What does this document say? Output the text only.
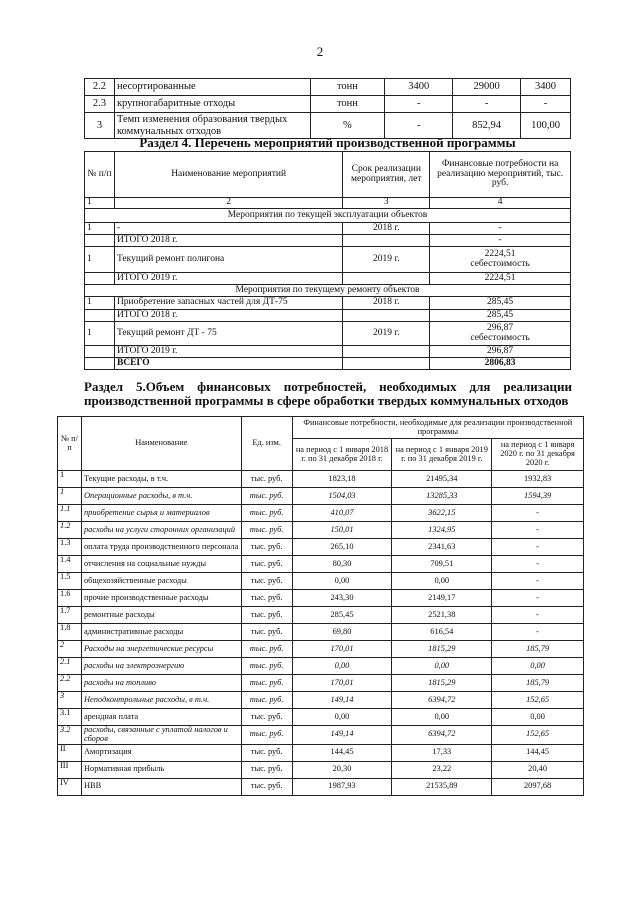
2
2.2	несортированные	тонн	3400	29000	3400
2.3	крупногабаритные отходы	тонн	-	-	-
3	Темп изменения образования твердых коммунальных отходов	%	-	852,94	100,00
Раздел 4. Перечень мероприятий производственной программы
№ п/п	Наименование мероприятий	Срок реализации мероприятия, лет	Финансовые потребности на реализацию мероприятий, тыс. руб.
1	2	3	4
Мероприятия по текущей эксплуатации объектов			
1	-	2018 г.	-
	ИТОГО 2018 г.		-
1	Текущий ремонт полигона	2019 г.	2224,51
себестоимость
	ИТОГО 2019 г.		2224,51
Мероприятия по текущему ремонту объектов			
1	Приобретение запасных частей для ДТ-75	2018 г.	285,45
	ИТОГО 2018 г.		285,45
1	Текущий ремонт ДТ - 75	2019 г.	296,87
себестоимость
	ИТОГО 2019 г.		296,87
	ВСЕГО		2806,83
Раздел 5.Объем финансовых потребностей, необходимых для реализации
производственной программы в сфере обработки твердых коммунальных отходов
№ п/п	Наименование	Ед. изм.	Финансовые потребности, необходимые для реализации производственной программы		
			на период с 1 января 2018 г. по 31 декабря 2018 г.	на период с 1 января 2019 г. по 31 декабря 2019 г.	на период с 1 января 2020 г. по 31 декабря 2020 г.
1	Текущие расходы, в т.ч.	тыс. руб.	1823,18	21495,34	1932,83
1	Операционные расходы, в т.ч.	тыс. руб.	1504,03	13285,33	1594,39
1.1	приобретение сырья и материалов	тыс. руб.	410,07	3622,15	-
1.2	расходы на услуги сторонних организаций	тыс. руб.	150,01	1324,95	-
1.3	оплата труда производственного персонала	тыс. руб.	265,10	2341,63	-
1.4	отчисления на социальные нужды	тыс. руб.	80,30	709,51	-
1.5	общехозяйственные расходы	тыс. руб.	0,00	0,00	-
1.6	прочие производственные расходы	тыс. руб.	243,30	2149,17	-
1.7	ремонтные расходы	тыс. руб.	285,45	2521,38	-
1.8	административные расходы	тыс. руб.	69,80	616,54	-
2	Расходы на энергетические ресурсы	тыс. руб.	170,01	1815,29	185,79
2.1	расходы на электроэнергию	тыс. руб.	0,00	0,00	0,00
2.2	расходы на топливо	тыс. руб.	170,01	1815,29	185,79
3	Неподконтрольные расходы, в т.ч.	тыс. руб.	149,14	6394,72	152,65
3.1	арендная плата	тыс. руб.	0,00	0,00	0,00
3.2	расходы, связанные с уплатой налогов и сборов	тыс. руб.	149,14	6394,72	152,65
II	Амортизация	тыс. руб.	144,45	17,33	144,45
III	Нормативная прибыль	тыс. руб.	20,30	23,22	20,40
IV	НВВ	тыс. руб.	1987,93	21535,89	2097,68
